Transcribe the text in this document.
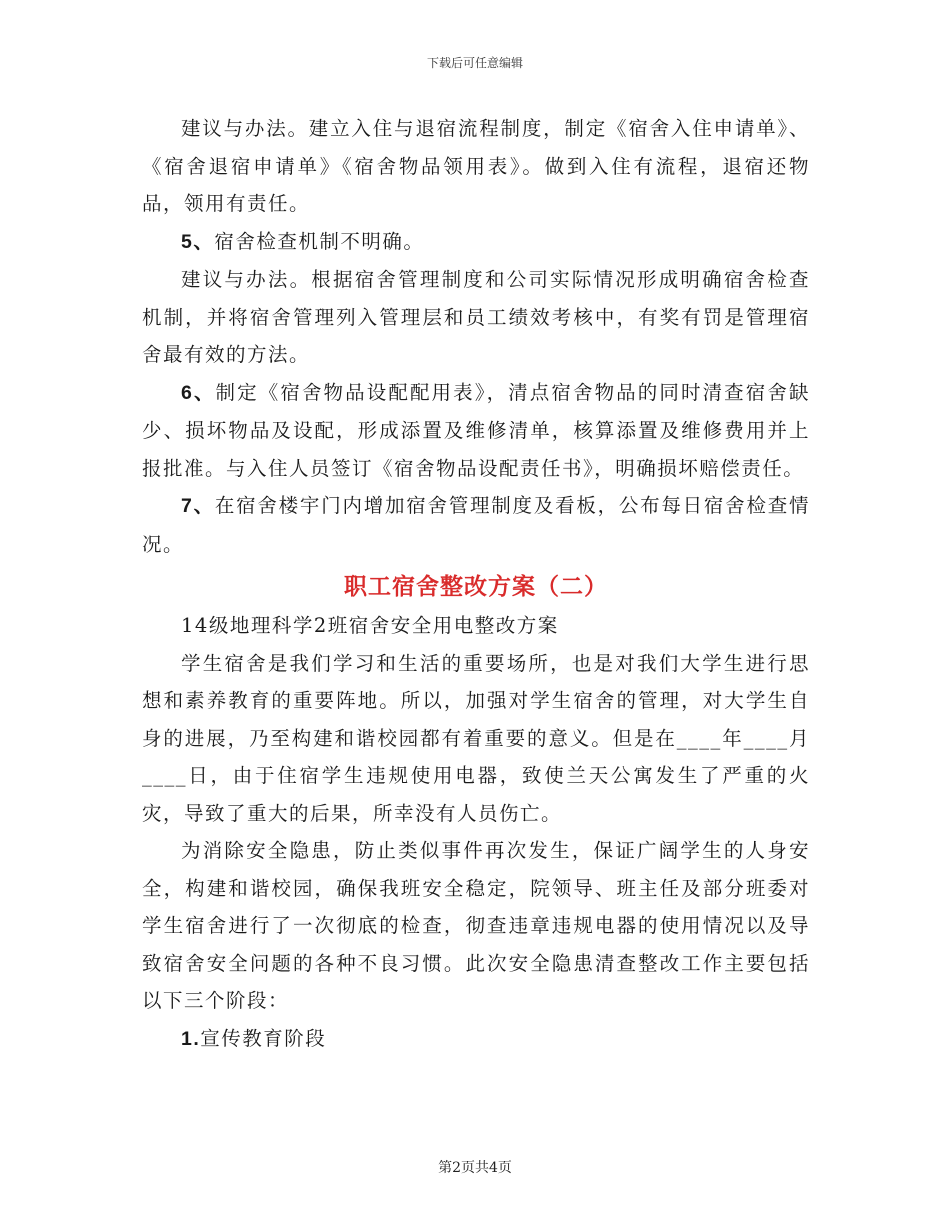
下载后可任意编辑

建议与办法。建立入住与退宿流程制度，制定《宿舍入住申请单》、《宿舍退宿申请单》《宿舍物品领用表》。做到入住有流程，退宿还物品，领用有责任。

5、宿舍检查机制不明确。

建议与办法。根据宿舍管理制度和公司实际情况形成明确宿舍检查机制，并将宿舍管理列入管理层和员工绩效考核中，有奖有罚是管理宿舍最有效的方法。

6、制定《宿舍物品设配配用表》，清点宿舍物品的同时清查宿舍缺少、损坏物品及设配，形成添置及维修清单，核算添置及维修费用并上报批准。与入住人员签订《宿舍物品设配责任书》，明确损坏赔偿责任。

7、在宿舍楼宇门内增加宿舍管理制度及看板，公布每日宿舍检查情况。

职工宿舍整改方案（二）

14级地理科学2班宿舍安全用电整改方案

学生宿舍是我们学习和生活的重要场所，也是对我们大学生进行思想和素养教育的重要阵地。所以，加强对学生宿舍的管理，对大学生自身的进展，乃至构建和谐校园都有着重要的意义。但是在____年____月____日，由于住宿学生违规使用电器，致使兰天公寓发生了严重的火灾，导致了重大的后果，所幸没有人员伤亡。

为消除安全隐患，防止类似事件再次发生，保证广阔学生的人身安全，构建和谐校园，确保我班安全稳定，院领导、班主任及部分班委对学生宿舍进行了一次彻底的检查，彻查违章违规电器的使用情况以及导致宿舍安全问题的各种不良习惯。此次安全隐患清查整改工作主要包括以下三个阶段：

1.宣传教育阶段

第2页共4页
